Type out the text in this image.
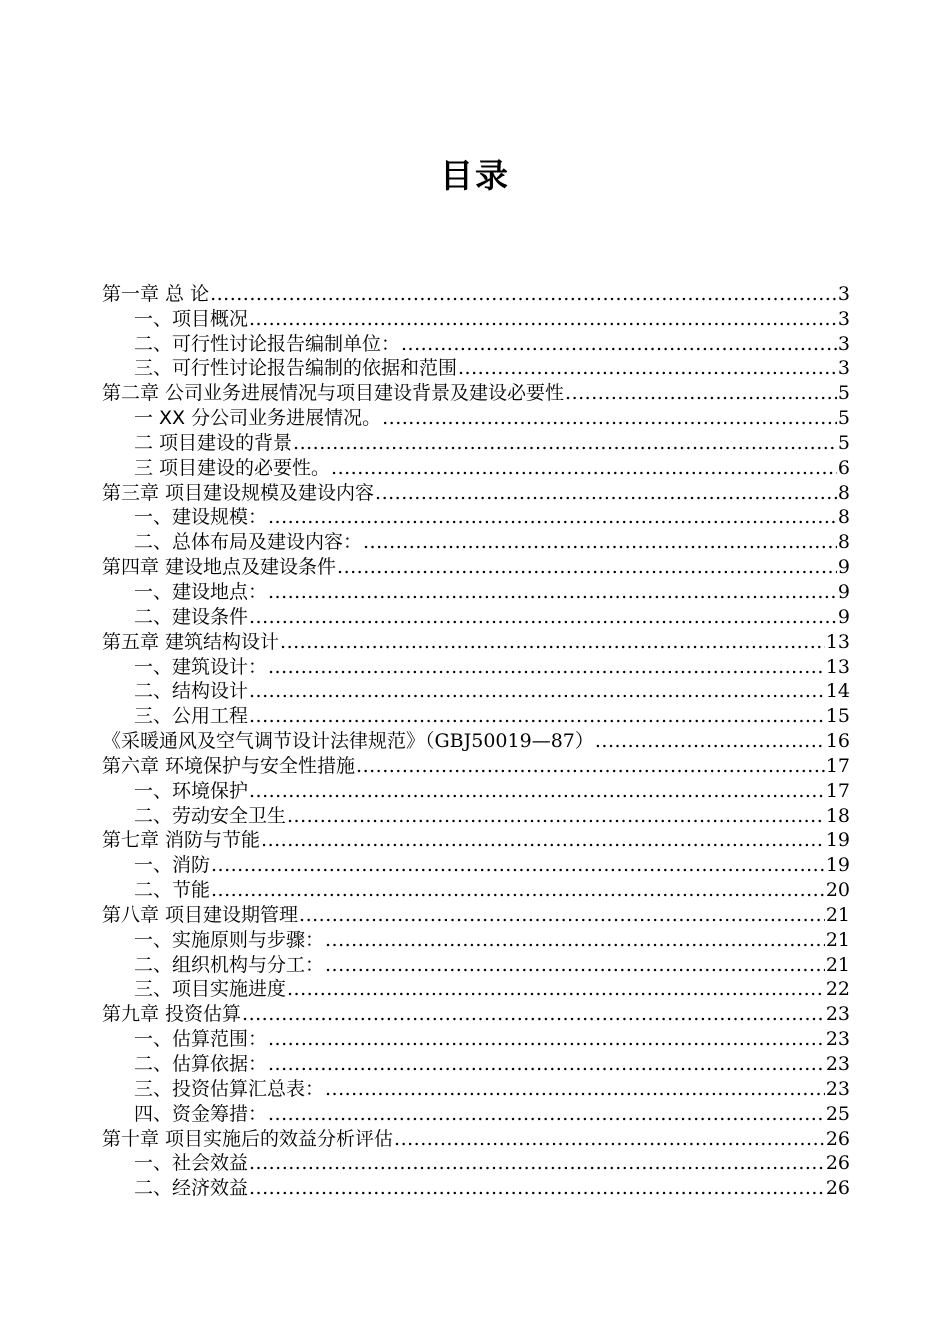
目录
第一章 总 论 .....	3
一、项目概况 .....	3
二、可行性讨论报告编制单位： .....	3
三、可行性讨论报告编制的依据和范围 .....	3
第二章 公司业务进展情况与项目建设背景及建设必要性 .....	5
一 XX 分公司业务进展情况。 .....	5
二 项目建设的背景 .....	5
三 项目建设的必要性。 .....	6
第三章 项目建设规模及建设内容 .....	8
一、建设规模： .....	8
二、总体布局及建设内容： .....	8
第四章 建设地点及建设条件 .....	9
一、建设地点： .....	9
二、建设条件 .....	9
第五章 建筑结构设计 .....	13
一、建筑设计： .....	13
二、结构设计 .....	14
三、公用工程 .....	15
《采暖通风及空气调节设计法律规范》（GBJ50019—87） .....	16
第六章 环境保护与安全性措施 .....	17
一、环境保护 .....	17
二、劳动安全卫生 .....	18
第七章 消防与节能 .....	19
一、消防 .....	19
二、节能 .....	20
第八章 项目建设期管理 .....	21
一、实施原则与步骤： .....	21
二、组织机构与分工： .....	21
三、项目实施进度 .....	22
第九章 投资估算 .....	23
一、估算范围： .....	23
二、估算依据： .....	23
三、投资估算汇总表： .....	23
四、资金筹措： .....	25
第十章 项目实施后的效益分析评估 .....	26
一、社会效益 .....	26
二、经济效益 .....	26
